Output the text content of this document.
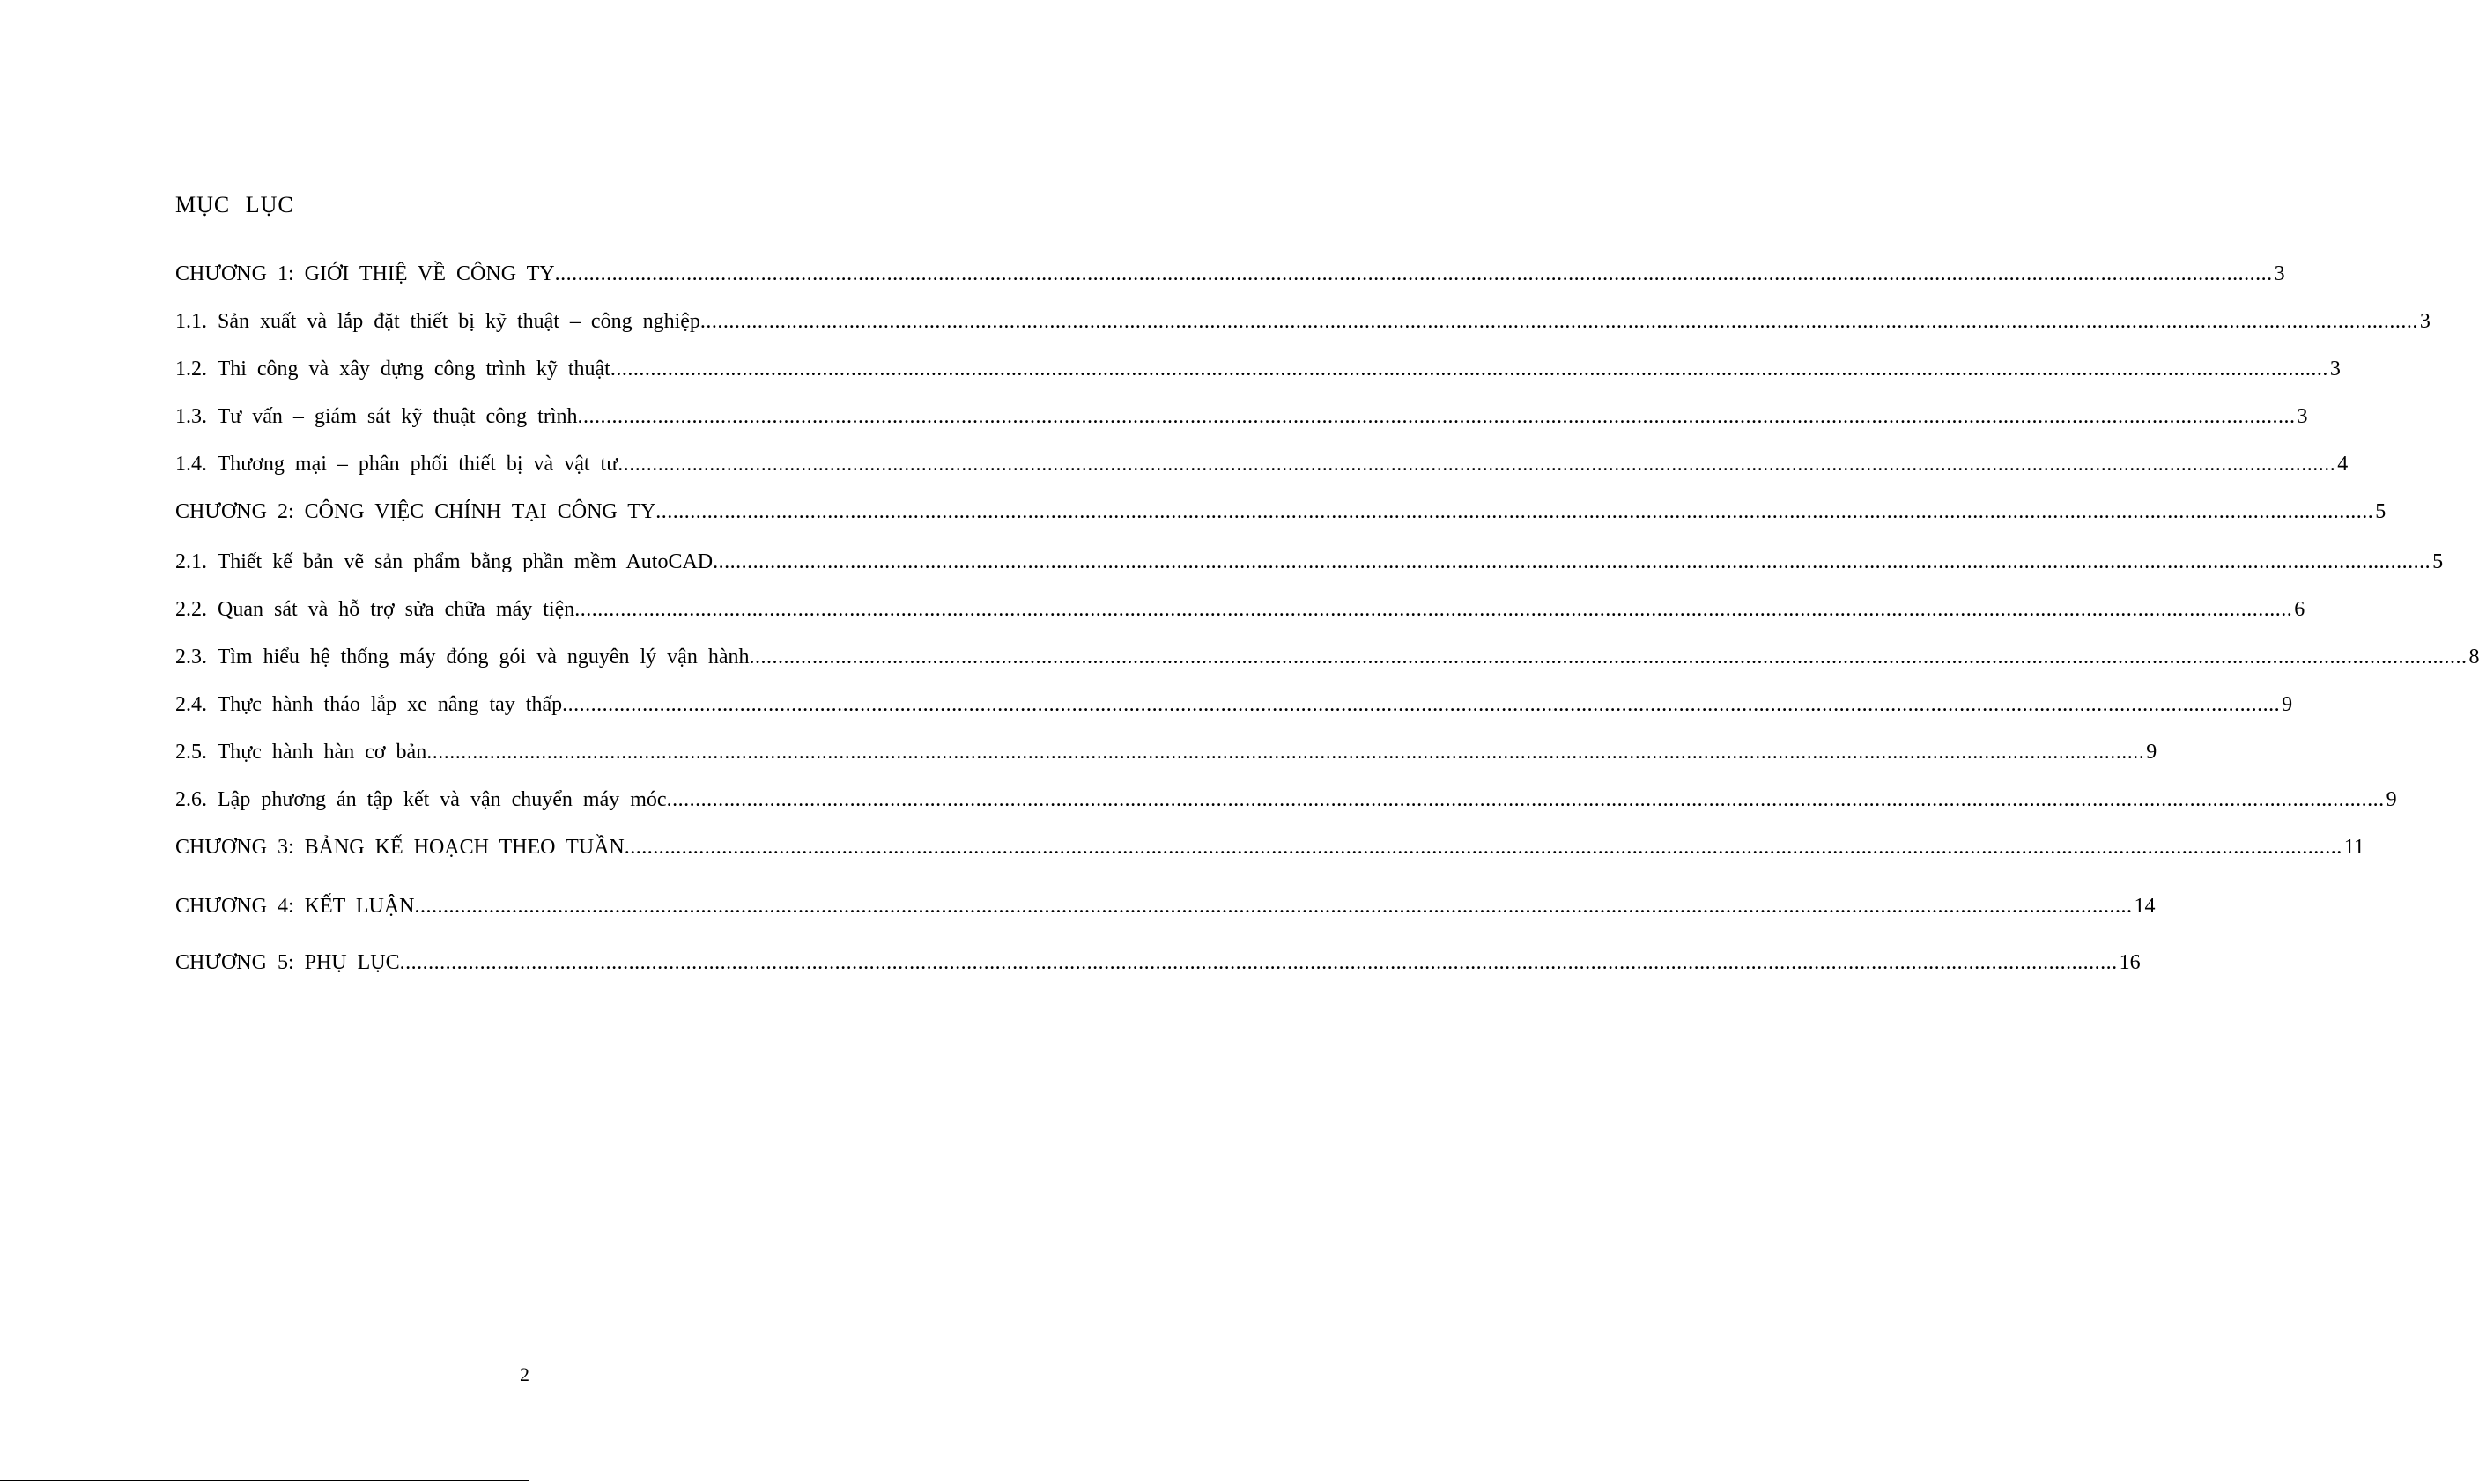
MỤC LỤC
CHƯƠNG 1: GIỚI THIỆ VỀ CÔNG TY ............................................................................................................................................................................................................................................................................................................ 3
1.1. Sản xuất và lắp đặt thiết bị kỹ thuật – công nghiệp ............................................................................................................................................................................................................................................................................................................ 3
1.2. Thi công và xây dựng công trình kỹ thuật ............................................................................................................................................................................................................................................................................................................ 3
1.3. Tư vấn – giám sát kỹ thuật công trình ............................................................................................................................................................................................................................................................................................................ 3
1.4. Thương mại – phân phối thiết bị và vật tư ............................................................................................................................................................................................................................................................................................................ 4
CHƯƠNG 2: CÔNG VIỆC CHÍNH TẠI CÔNG TY ............................................................................................................................................................................................................................................................................................................ 5
2.1. Thiết kế bản vẽ sản phẩm bằng phần mềm AutoCAD ............................................................................................................................................................................................................................................................................................................ 5
2.2. Quan sát và hỗ trợ sửa chữa máy tiện ............................................................................................................................................................................................................................................................................................................ 6
2.3. Tìm hiểu hệ thống máy đóng gói và nguyên lý vận hành ............................................................................................................................................................................................................................................................................................................ 8
2.4. Thực hành tháo lắp xe nâng tay thấp ............................................................................................................................................................................................................................................................................................................ 9
2.5. Thực hành hàn cơ bản ............................................................................................................................................................................................................................................................................................................ 9
2.6. Lập phương án tập kết và vận chuyển máy móc ............................................................................................................................................................................................................................................................................................................ 9
CHƯƠNG 3: BẢNG KẾ HOẠCH THEO TUẦN ............................................................................................................................................................................................................................................................................................................ 11
CHƯƠNG 4: KẾT LUẬN ............................................................................................................................................................................................................................................................................................................ 14
CHƯƠNG 5: PHỤ LỤC ............................................................................................................................................................................................................................................................................................................ 16
2
